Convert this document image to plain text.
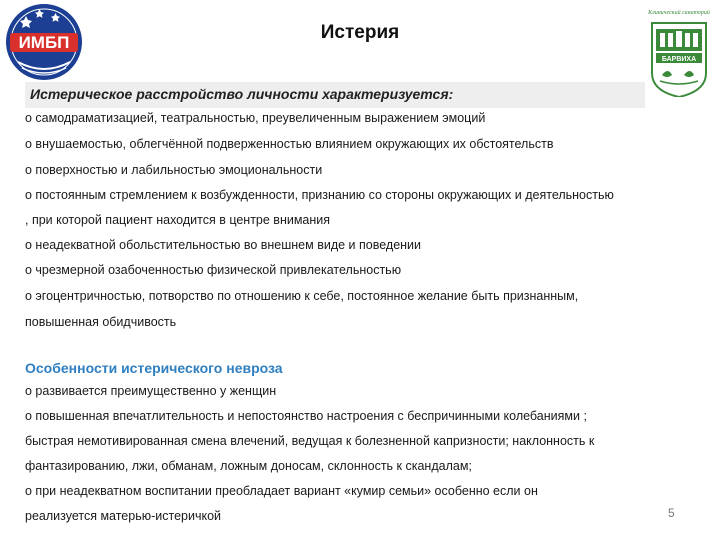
ИМБП
Клинический санаторий
БАРВИХА
Истерия
Истерическое расстройство личности характеризуется:
o самодраматизацией, театральностью, преувеличенным выражением эмоций
o внушаемостью, облегчённой подверженностью влиянием окружающих их обстоятельств
o поверхностью и лабильностью эмоциональности
o постоянным стремлением к возбужденности, признанию со стороны окружающих и деятельностью
, при которой пациент находится в центре внимания
o неадекватной обольстительностью во внешнем виде и поведении
o чрезмерной озабоченностью физической привлекательностью
o эгоцентричностью, потворство по отношению к себе, постоянное желание быть признанным,
повышенная обидчивость
Особенности истерического невроза
o развивается преимущественно у женщин
o повышенная впечатлительность и непостоянство настроения с беспричинными колебаниями ;
быстрая немотивированная смена влечений, ведущая к болезненной капризности; наклонность к
фантазированию, лжи, обманам, ложным доносам, склонность к скандалам;
o при неадекватном воспитании преобладает вариант «кумир семьи» особенно если он
реализуется матерью-истеричкой	5
